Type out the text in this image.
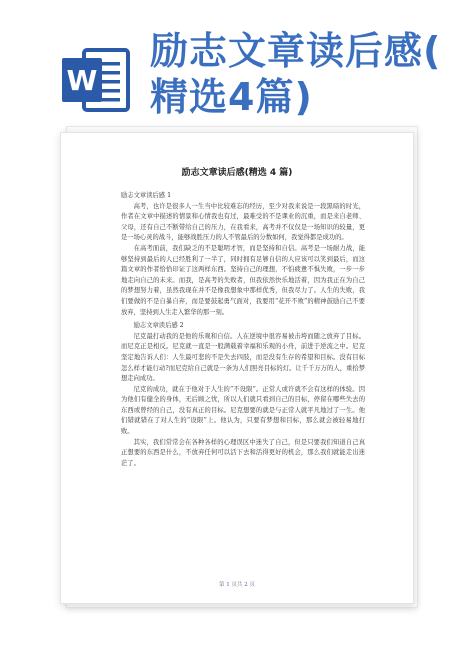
W
励志文章读后感(
精选4篇)
励志文章读后感(精选 4 篇)

励志文章读后感 1

高考，也许是很多人一生当中比较难忘的经历，至少对我来说是一段黑暗的时光，作者在文章中描述的情景和心情我也有过，最难受的不是课业的沉重，而是来自老师、父母，还有自己不断带给自己的压力，在我看来，高考并不仅仅是一场知识的较量，更是一场心灵的战斗，能够战胜压力的人不管最后的分数如何，我觉得都是成功的。

在高考面前，我们缺乏的不是聪明才智，而是坚持和自信。高考是一场耐力战，能够坚持到最后的人已经胜利了一半了，同时拥有足够自信的人应该可以笑到最后，而这篇文章的作者恰恰印证了这两样东西。坚持自己的理想，不怕疲惫不惧失败，一步一步地走向自己的未来。而我，是高考的失败者，但我依然快乐地活着，因为我正在为自己的梦想努力着，虽然我现在并不是像我想象中那样优秀，但我尽力了。人生的失败，我们要做的不是自暴自弃，而是要鼓起勇气面对，我要用“花开不败”的精神鼓励自己不要放弃，坚持到人生走入繁华的那一刻。

励志文章读后感 2

尼克最打动我的是他的乐观和自信。人在逆境中很容易被击垮而随之放弃了目标。而尼克正是相反。尼克就一直是一般满载着幸福和乐观的小舟，前进于逆流之中。尼克坚定地告诉人们：人生最可悲的不是失去四肢，而是没有生存的希望和目标。没有目标怎么样才能行动?而尼克给自己就是一条为人们照亮目标的灯。让千千万万的人，重拾梦想走向成功。

尼克的成功，就在于他对于人生的“不设限”。正常人或许就不会有这样的体验。因为他们有健全的身体，无后顾之忧，所以人们就只看到自己的目标，停留在哪些失去的东西或曾经的自己，没有真正的目标。尼克想要的就是与正常人就平凡地过了一生。他们错就错在了对人生的“设限”上。他认为，只要有梦想和目标，那么就会被轻易地打败。

其实，我们常常会在各种各样的心理误区中迷失了自己，但是只要我们知道自己真正想要的东西是什么，不放弃任何可以活下去和活得更好的机会，那么我们就能走出迷茫了。

第 1 页共 2 页
